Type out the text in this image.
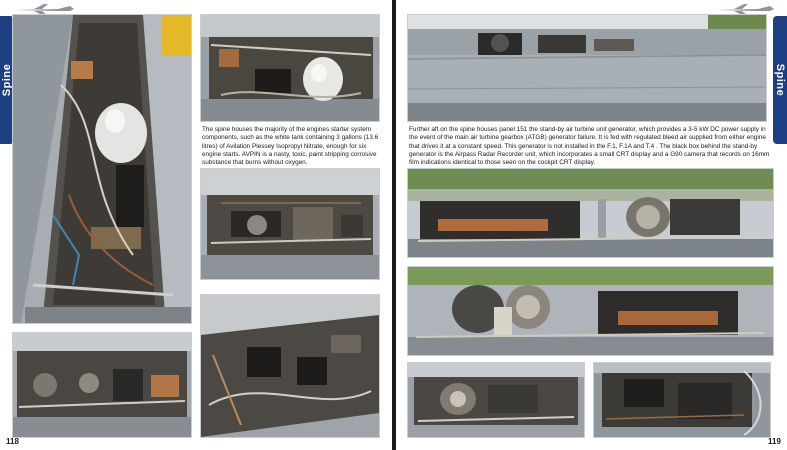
Spine

The spine houses the majority of the engines starter system components, such as the white tank containing 3 gallons (13.6 litres) of Avilation Plessey Isopropyl Nitrate, enough for six engine starts. AVPIN is a nasty, toxic, paint stripping corrosive substance that burns without oxygen.

118
Spine

Further aft on the spine houses panel 151 the stand-by air turbine unit generator, which provides a 3-5 kW DC power supply in the event of the main air turbine gearbox (ATGB) generator failure. It is fed with regulated bleed air supplied from either engine that drives it at a constant speed. This generator is not installed in the F.1, F.1A and T.4 . The black box behind the stand-by generator is the Airpass Radar Recorder unit, which incorporates a small CRT display and a G90 camera that records on 16mm film indications identical to those seen on the cockpit CRT display.

119
